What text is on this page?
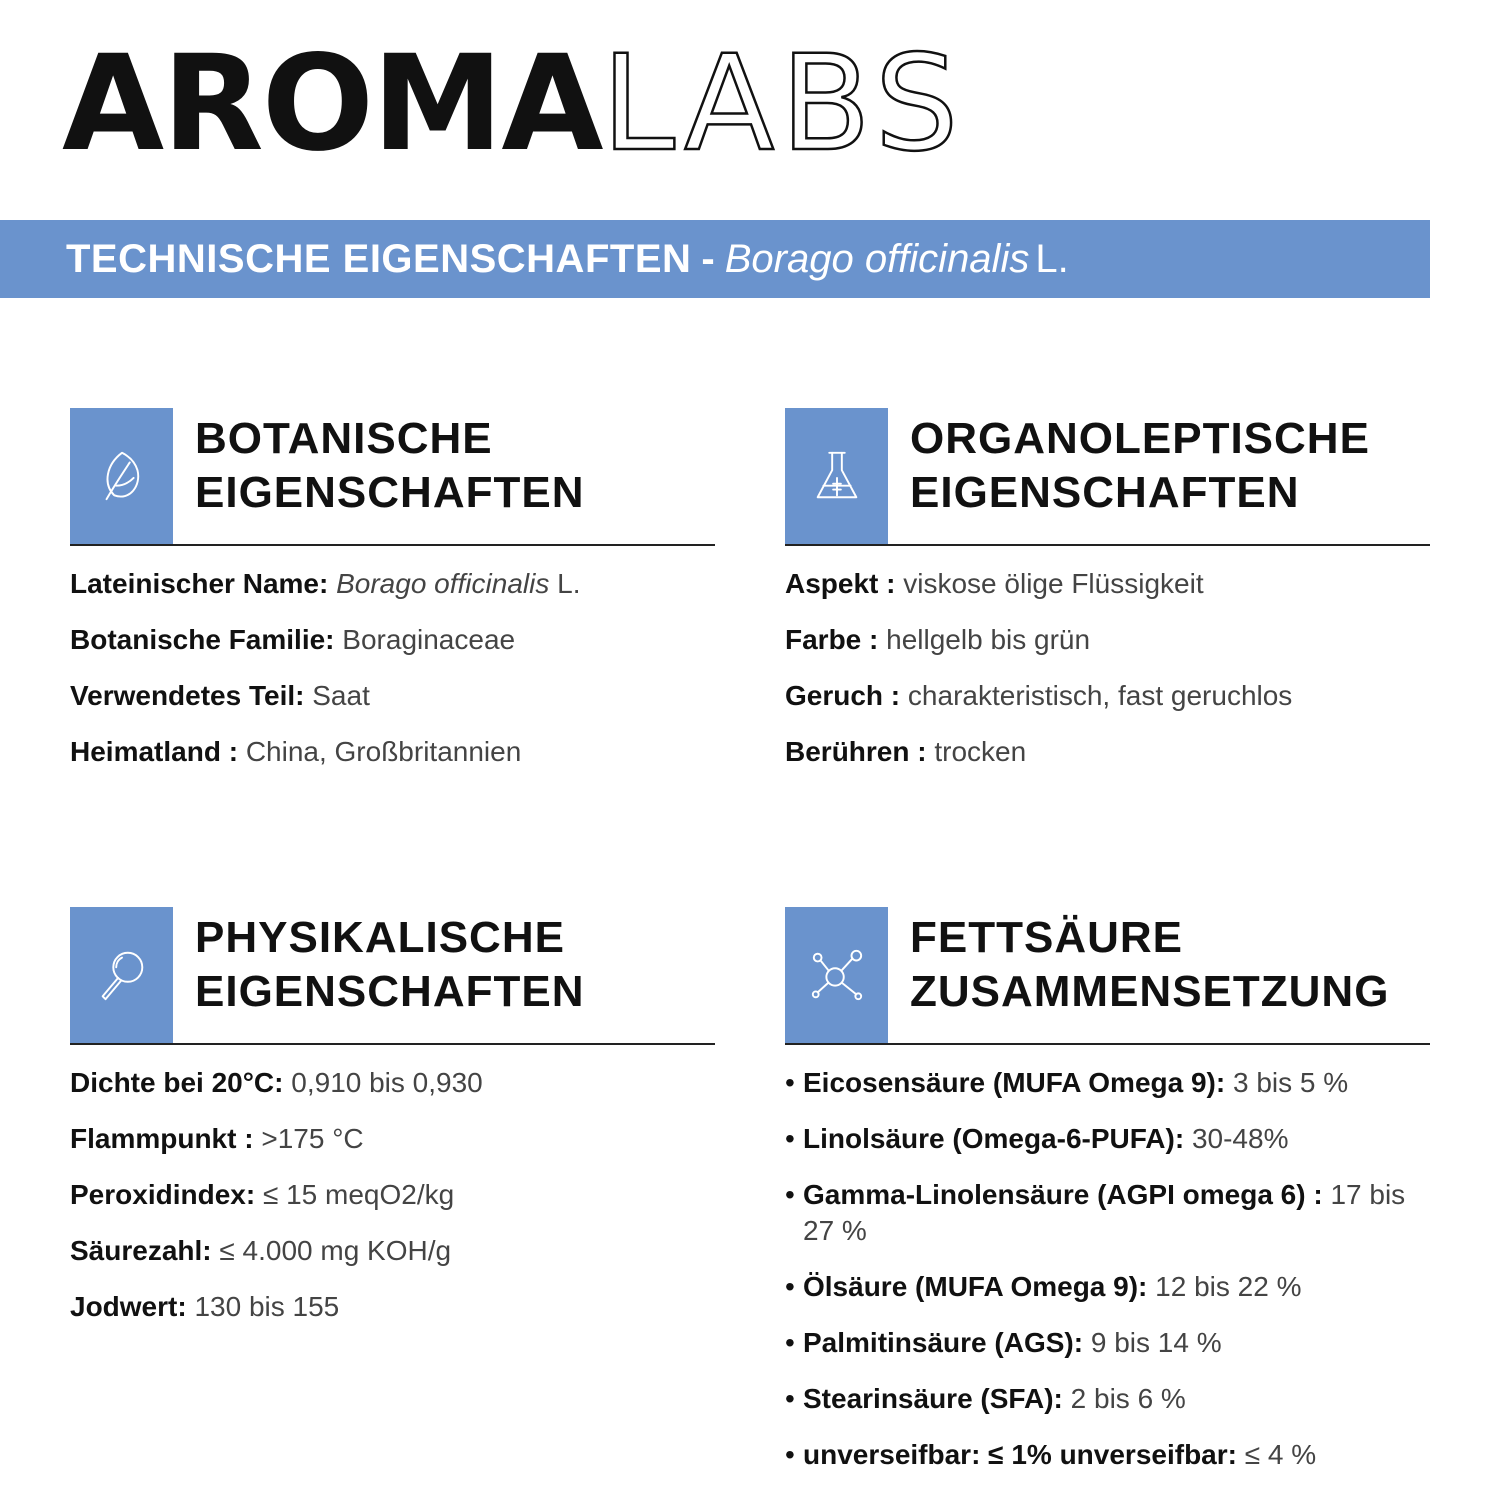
AROMA LABS
TECHNISCHE EIGENSCHAFTEN - Borago officinalis L.
BOTANISCHE
EIGENSCHAFTEN
Lateinischer Name: Borago officinalis L.
Botanische Familie: Boraginaceae
Verwendetes Teil: Saat
Heimatland : China, Großbritannien
ORGANOLEPTISCHE
EIGENSCHAFTEN
Aspekt : viskose ölige Flüssigkeit
Farbe : hellgelb bis grün
Geruch : charakteristisch, fast geruchlos
Berühren : trocken
PHYSIKALISCHE
EIGENSCHAFTEN
Dichte bei 20°C: 0,910 bis 0,930
Flammpunkt : >175 °C
Peroxidindex: ≤ 15 meqO2/kg
Säurezahl: ≤ 4.000 mg KOH/g
Jodwert: 130 bis 155
FETTSÄURE
ZUSAMMENSETZUNG
• Eicosensäure (MUFA Omega 9): 3 bis 5 %
• Linolsäure (Omega-6-PUFA): 30-48%
• Gamma-Linolensäure (AGPI omega 6) : 17 bis 27 %
• Ölsäure (MUFA Omega 9): 12 bis 22 %
• Palmitinsäure (AGS): 9 bis 14 %
• Stearinsäure (SFA): 2 bis 6 %
• unverseifbar: ≤ 1% unverseifbar: ≤ 4 %
